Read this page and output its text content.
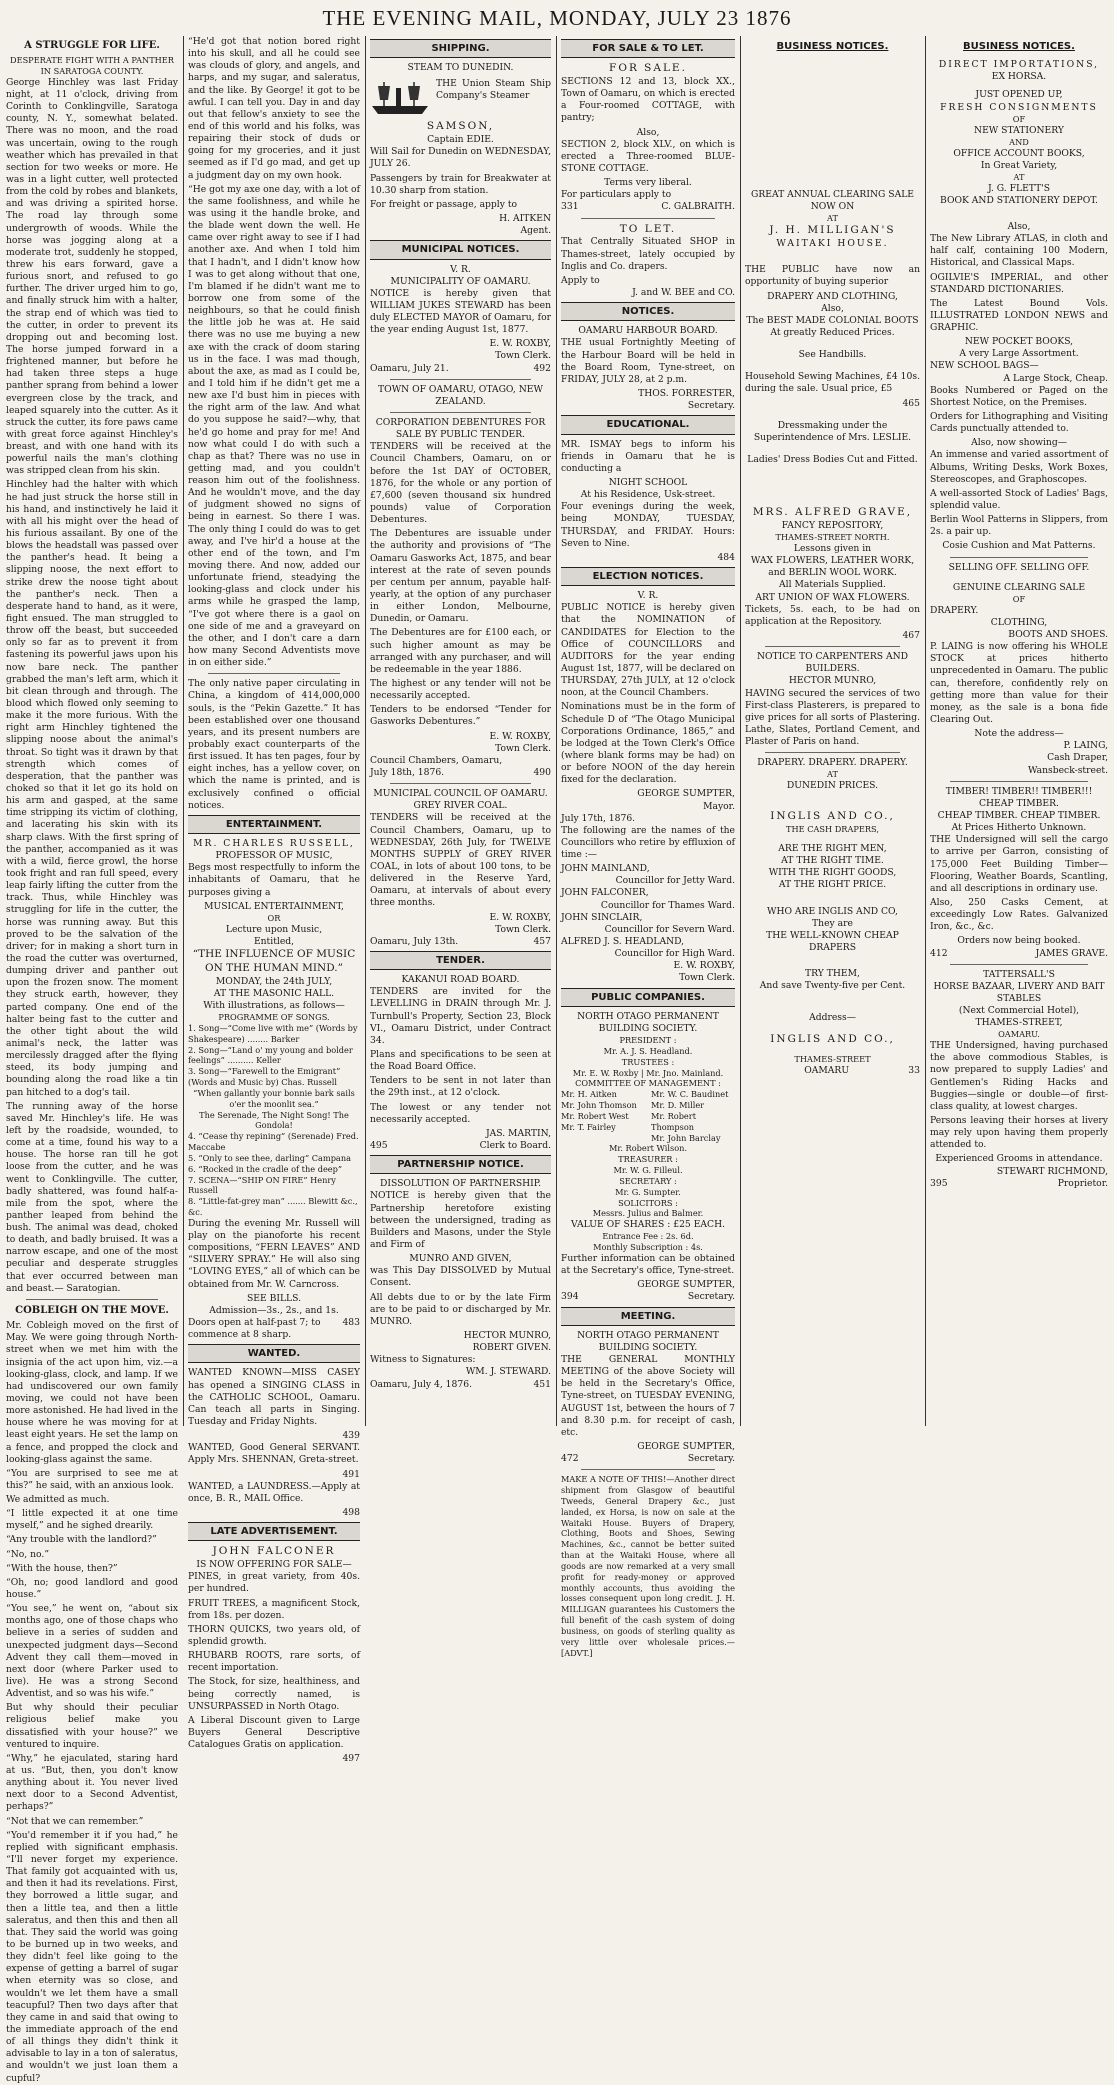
THE EVENING MAIL, MONDAY, JULY 23 1876
A STRUGGLE FOR LIFE.
DESPERATE FIGHT WITH A PANTHER IN SARATOGA COUNTY.

George Hinchley was last Friday night, at 11 o'clock, driving from Corinth to Conklingville, Saratoga county, N. Y., somewhat belated. There was no moon, and the road was uncertain, owing to the rough weather which has prevailed in that section for two weeks or more. He was in a light cutter, well protected from the cold by robes and blankets, and was driving a spirited horse. The road lay through some undergrowth of woods. While the horse was jogging along at a moderate trot, suddenly he stopped, threw his ears forward, gave a furious snort, and refused to go further. The driver urged him to go, and finally struck him with a halter, the strap end of which was tied to the cutter, in order to prevent its dropping out and becoming lost. The horse jumped forward in a frightened manner, but before he had taken three steps a huge panther sprang from behind a lower evergreen close by the track, and leaped squarely into the cutter. As it struck the cutter, its fore paws came with great force against Hinchley's breast, and with one hand with its powerful nails the man's clothing was stripped clean from his skin.

Hinchley had the halter with which he had just struck the horse still in his hand, and instinctively he laid it with all his might over the head of his furious assailant. By one of the blows the headstall was passed over the panther's head. It being a slipping noose, the next effort to strike drew the noose tight about the panther's neck. Then a desperate hand to hand, as it were, fight ensued. The man struggled to throw off the beast, but succeeded only so far as to prevent it from fastening its powerful jaws upon his now bare neck. The panther grabbed the man's left arm, which it bit clean through and through. The blood which flowed only seeming to make it the more furious. With the right arm Hinchley tightened the slipping noose about the animal's throat. So tight was it drawn by that strength which comes of desperation, that the panther was choked so that it let go its hold on his arm and gasped, at the same time stripping its victim of clothing, and lacerating his skin with its sharp claws. With the first spring of the panther, accompanied as it was with a wild, fierce growl, the horse took fright and ran full speed, every leap fairly lifting the cutter from the track. Thus, while Hinchley was struggling for life in the cutter, the horse was running away. But this proved to be the salvation of the driver; for in making a short turn in the road the cutter was overturned, dumping driver and panther out upon the frozen snow. The moment they struck earth, however, they parted company. One end of the halter being fast to the cutter and the other tight about the wild animal's neck, the latter was mercilessly dragged after the flying steed, its body jumping and bounding along the road like a tin pan hitched to a dog's tail.

The running away of the horse saved Mr. Hinchley's life. He was left by the roadside, wounded, to come at a time, found his way to a house. The horse ran till he got loose from the cutter, and he was went to Conklingville. The cutter, badly shattered, was found half-a-mile from the spot, where the panther leaped from behind the bush. The animal was dead, choked to death, and badly bruised. It was a narrow escape, and one of the most peculiar and desperate struggles that ever occurred between man and beast.— Saratogian.

COBLEIGH ON THE MOVE.

Mr. Cobleigh moved on the first of May. We were going through North-street when we met him with the insignia of the act upon him, viz.—a looking-glass, clock, and lamp. If we had undiscovered our own family moving, we could not have been more astonished. He had lived in the house where he was moving for at least eight years. He set the lamp on a fence, and propped the clock and looking-glass against the same.

“You are surprised to see me at this?” he said, with an anxious look.

We admitted as much.

“I little expected it at one time myself,” and he sighed drearily.

“Any trouble with the landlord?”

“No, no.”

“With the house, then?”

“Oh, no; good landlord and good house.”

“You see,” he went on, “about six months ago, one of those chaps who believe in a series of sudden and unexpected judgment days—Second Advent they call them—moved in next door (where Parker used to live). He was a strong Second Adventist, and so was his wife.”

But why should their peculiar religious belief make you dissatisfied with your house?” we ventured to inquire.

“Why,” he ejaculated, staring hard at us. “But, then, you don't know anything about it. You never lived next door to a Second Adventist, perhaps?”

“Not that we can remember.”

“You'd remember it if you had,” he replied with significant emphasis. “I'll never forget my experience. That family got acquainted with us, and then it had its revelations. First, they borrowed a little sugar, and then a little tea, and then a little saleratus, and then this and then all that. They said the world was going to be burned up in two weeks, and they didn't feel like going to the expense of getting a barrel of sugar when eternity was so close, and wouldn't we let them have a small teacupful? Then two days after that they came in and said that owing to the immediate approach of the end of all things they didn't think it advisable to lay in a ton of saleratus, and wouldn't we just loan them a cupful?

“He'd got that notion bored right into his skull, and all he could see was clouds of glory, and angels, and harps, and my sugar, and saleratus, and the like. By George! it got to be awful. I can tell you. Day in and day out that fellow's anxiety to see the end of this world and his folks, was repairing their stock of duds or going for my groceries, and it just seemed as if I'd go mad, and get up a judgment day on my own hook.

“He got my axe one day, with a lot of the same foolishness, and while he was using it the handle broke, and the blade went down the well. He came over right away to see if I had another axe. And when I told him that I hadn't, and I didn't know how I was to get along without that one, I'm blamed if he didn't want me to borrow one from some of the neighbours, so that he could finish the little job he was at. He said there was no use me buying a new axe with the crack of doom staring us in the face. I was mad though, about the axe, as mad as I could be, and I told him if he didn't get me a new axe I'd bust him in pieces with the right arm of the law. And what do you suppose he said?—why, that he'd go home and pray for me! And now what could I do with such a chap as that? There was no use in getting mad, and you couldn't reason him out of the foolishness. And he wouldn't move, and the day of judgment showed no signs of being in earnest. So there I was. The only thing I could do was to get away, and I've hir'd a house at the other end of the town, and I'm moving there. And now, added our unfortunate friend, steadying the looking-glass and clock under his arms while he grasped the lamp, “I've got where there is a gaol on one side of me and a graveyard on the other, and I don't care a darn how many Second Adventists move in on either side.”

The only native paper circulating in China, a kingdom of 414,000,000 souls, is the “Pekin Gazette.” It has been established over one thousand years, and its present numbers are probably exact counterparts of the first issued. It has ten pages, four by eight inches, has a yellow cover, on which the name is printed, and is exclusively confined o official notices.

ENTERTAINMENT.
MR. CHARLES RUSSELL,
PROFESSOR OF MUSIC,

Begs most respectfully to inform the inhabitants of Oamaru, that he purposes giving a

MUSICAL ENTERTAINMENT,
OR
Lecture upon Music,
Entitled,
“THE INFLUENCE OF MUSIC ON THE HUMAN MIND.”
MONDAY, the 24th JULY,
AT THE MASONIC HALL.
With illustrations, as follows—
PROGRAMME OF SONGS.
1. Song—“Come live with me” (Words by Shakespeare) ........ Barker
2. Song—“Land o' my young and bolder feelings” .......... Keller
3. Song—“Farewell to the Emigrant” (Words and Music by) Chas. Russell
“When gallantly your bonnie bark sails o'er the moonlit sea.”
The Serenade, The Night Song! The Gondola!
4. “Cease thy repining” (Serenade) Fred. Maccabe
5. “Only to see thee, darling” Campana
6. “Rocked in the cradle of the deep”
7. SCENA—“SHIP ON FIRE” Henry Russell
8. “Little-fat-grey man” ....... Blewitt &c., &c.

During the evening Mr. Russell will play on the pianoforte his recent compositions, “FERN LEAVES” AND “SILVERY SPRAY.” He will also sing “LOVING EYES,” all of which can be obtained from Mr. W. Carncross.

SEE BILLS.
Admission—3s., 2s., and 1s.
Doors open at half-past 7; to commence at 8 sharp.
483
WANTED.

WANTED KNOWN—MISS CASEY has opened a SINGING CLASS in the CATHOLIC SCHOOL, Oamaru. Can teach all parts in Singing. Tuesday and Friday Nights.

439

WANTED, Good General SERVANT. Apply Mrs. SHENNAN, Greta-street.

491

WANTED, a LAUNDRESS.—Apply at once, B. R., MAIL Office.

498
LATE ADVERTISEMENT.
JOHN FALCONER
IS NOW OFFERING FOR SALE—

PINES, in great variety, from 40s. per hundred.

FRUIT TREES, a magnificent Stock, from 18s. per dozen.

THORN QUICKS, two years old, of splendid growth.

RHUBARB ROOTS, rare sorts, of recent importation.

The Stock, for size, healthiness, and being correctly named, is UNSURPASSED in North Otago.

A Liberal Discount given to Large Buyers General Descriptive Catalogues Gratis on application.

497
SHIPPING.
STEAM TO DUNEDIN.

THE Union Steam Ship Company's Steamer

SAMSON,
Captain EDIE.

Will Sail for Dunedin on WEDNESDAY, JULY 26.

Passengers by train for Breakwater at 10.30 sharp from station.

For freight or passage, apply to

H. AITKEN
Agent.
MUNICIPAL NOTICES.
V. R.
MUNICIPALITY OF OAMARU.

NOTICE is hereby given that WILLIAM JUKES STEWARD has been duly ELECTED MAYOR of Oamaru, for the year ending August 1st, 1877.

E. W. ROXBY,
Town Clerk.
Oamaru, July 21.	492
TOWN OF OAMARU, OTAGO, NEW ZEALAND.
CORPORATION DEBENTURES FOR SALE BY PUBLIC TENDER.

TENDERS will be received at the Council Chambers, Oamaru, on or before the 1st DAY of OCTOBER, 1876, for the whole or any portion of £7,600 (seven thousand six hundred pounds) value of Corporation Debentures.

The Debentures are issuable under the authority and provisions of “The Oamaru Gasworks Act, 1875, and bear interest at the rate of seven pounds per centum per annum, payable half-yearly, at the option of any purchaser in either London, Melbourne, Dunedin, or Oamaru.

The Debentures are for £100 each, or such higher amount as may be arranged with any purchaser, and will be redeemable in the year 1886.

The highest or any tender will not be necessarily accepted.

Tenders to be endorsed “Tender for Gasworks Debentures.”

E. W. ROXBY,
Town Clerk.
Council Chambers, Oamaru,
July 18th, 1876.	490
MUNICIPAL COUNCIL OF OAMARU.
GREY RIVER COAL.

TENDERS will be received at the Council Chambers, Oamaru, up to WEDNESDAY, 26th July, for TWELVE MONTHS SUPPLY of GREY RIVER COAL, in lots of about 100 tons, to be delivered in the Reserve Yard, Oamaru, at intervals of about every three months.

E. W. ROXBY,
Town Clerk.
Oamaru, July 13th.	457
TENDER.
KAKANUI ROAD BOARD.

TENDERS are invited for the LEVELLING in DRAIN through Mr. J. Turnbull's Property, Section 23, Block VI., Oamaru District, under Contract 34.

Plans and specifications to be seen at the Road Board Office.

Tenders to be sent in not later than the 29th inst., at 12 o'clock.

The lowest or any tender not necessarily accepted.

JAS. MARTIN,
495	Clerk to Board.
PARTNERSHIP NOTICE.
DISSOLUTION OF PARTNERSHIP.

NOTICE is hereby given that the Partnership heretofore existing between the undersigned, trading as Builders and Masons, under the Style and Firm of

MUNRO AND GIVEN,

was This Day DISSOLVED by Mutual Consent.

All debts due to or by the late Firm are to be paid to or discharged by Mr. MUNRO.

HECTOR MUNRO,
ROBERT GIVEN.
Witness to Signatures:
WM. J. STEWARD.
Oamaru, July 4, 1876.	451
FOR SALE & TO LET.
FOR SALE.

SECTIONS 12 and 13, block XX., Town of Oamaru, on which is erected a Four-roomed COTTAGE, with pantry;

Also,

SECTION 2, block XLV., on which is erected a Three-roomed BLUE-STONE COTTAGE.

Terms very liberal.
For particulars apply to
331	C. GALBRAITH.
TO LET.

That Centrally Situated SHOP in Thames-street, lately occupied by Inglis and Co. drapers.

Apply to
J. and W. BEE and CO.
NOTICES.
OAMARU HARBOUR BOARD.

THE usual Fortnightly Meeting of the Harbour Board will be held in the Board Room, Tyne-street, on FRIDAY, JULY 28, at 2 p.m.

THOS. FORRESTER,
Secretary.
EDUCATIONAL.

MR. ISMAY begs to inform his friends in Oamaru that he is conducting a

NIGHT SCHOOL
At his Residence, Usk-street.

Four evenings during the week, being MONDAY, TUESDAY, THURSDAY, and FRIDAY. Hours: Seven to Nine.

484
ELECTION NOTICES.
V. R.

PUBLIC NOTICE is hereby given that the NOMINATION of CANDIDATES for Election to the Office of COUNCILLORS and AUDITORS for the year ending August 1st, 1877, will be declared on THURSDAY, 27th JULY, at 12 o'clock noon, at the Council Chambers.

Nominations must be in the form of Schedule D of “The Otago Municipal Corporations Ordinance, 1865,” and be lodged at the Town Clerk's Office (where blank forms may be had) on or before NOON of the day herein fixed for the declaration.

GEORGE SUMPTER,
Mayor.
July 17th, 1876.

The following are the names of the Councillors who retire by effluxion of time :—

JOHN MAINLAND,
Councillor for Jetty Ward.
JOHN FALCONER,
Councillor for Thames Ward.
JOHN SINCLAIR,
Councillor for Severn Ward.
ALFRED J. S. HEADLAND,
Councillor for High Ward.
E. W. ROXBY,
Town Clerk.
PUBLIC COMPANIES.
NORTH OTAGO PERMANENT BUILDING SOCIETY.
PRESIDENT :
Mr. A. J. S. Headland.
TRUSTEES :
Mr. E. W. Roxby | Mr. Jno. Mainland.
COMMITTEE OF MANAGEMENT :
Mr. H. Aitken
Mr. John Thomson
Mr. Robert West
Mr. T. Fairley
Mr. W. C. Baudinet
Mr. D. Miller
Mr. Robert Thompson
Mr. John Barclay
Mr. Robert Wilson.
TREASURER :
Mr. W. G. Filleul.
SECRETARY :
Mr. G. Sumpter.
SOLICITORS :
Messrs. Julius and Balmer.
VALUE OF SHARES : £25 EACH.
Entrance Fee : 2s. 6d.
Monthly Subscription : 4s.

Further information can be obtained at the Secretary's office, Tyne-street.

GEORGE SUMPTER,
394	Secretary.
MEETING.
NORTH OTAGO PERMANENT BUILDING SOCIETY.

THE GENERAL MONTHLY MEETING of the above Society will be held in the Secretary's Office, Tyne-street, on TUESDAY EVENING, AUGUST 1st, between the hours of 7 and 8.30 p.m. for receipt of cash, etc.

GEORGE SUMPTER,
472	Secretary.

MAKE A NOTE OF THIS!—Another direct shipment from Glasgow of beautiful Tweeds, General Drapery &c., just landed, ex Horsa, is now on sale at the Waitaki House. Buyers of Drapery, Clothing, Boots and Shoes, Sewing Machines, &c., cannot be better suited than at the Waitaki House, where all goods are now remarked at a very small profit for ready-money or approved monthly accounts, thus avoiding the losses consequent upon long credit. J. H. MILLIGAN guarantees his Customers the full benefit of the cash system of doing business, on goods of sterling quality as very little over wholesale prices.—[ADVT.]

BUSINESS NOTICES.
GREAT ANNUAL CLEARING SALE
NOW ON
AT
J. H. MILLIGAN'S
WAITAKI HOUSE.

THE PUBLIC have now an opportunity of buying superior

DRAPERY AND CLOTHING,
Also,
The BEST MADE COLONIAL BOOTS
At greatly Reduced Prices.
See Handbills.

Household Sewing Machines, £4 10s. during the sale. Usual price, £5

465
Dressmaking under the Superintendence of Mrs. LESLIE.
Ladies' Dress Bodies Cut and Fitted.
MRS. ALFRED GRAVE,
FANCY REPOSITORY,
THAMES-STREET NORTH.
Lessons given in
WAX FLOWERS, LEATHER WORK, and BERLIN WOOL WORK.
All Materials Supplied.
ART UNION OF WAX FLOWERS.

Tickets, 5s. each, to be had on application at the Repository.

467
NOTICE TO CARPENTERS AND BUILDERS.
HECTOR MUNRO,

HAVING secured the services of two First-class Plasterers, is prepared to give prices for all sorts of Plastering. Lathe, Slates, Portland Cement, and Plaster of Paris on hand.

DRAPERY. DRAPERY. DRAPERY.
AT
DUNEDIN PRICES.
INGLIS AND CO.,
THE CASH DRAPERS,
ARE THE RIGHT MEN,
AT THE RIGHT TIME.
WITH THE RIGHT GOODS,
AT THE RIGHT PRICE.
WHO ARE INGLIS AND CO,
They are
THE WELL-KNOWN CHEAP DRAPERS
TRY THEM,
And save Twenty-five per Cent.
Address—
INGLIS AND CO.,
THAMES-STREET
OAMARU	33
BUSINESS NOTICES.
DIRECT IMPORTATIONS,
EX HORSA.
JUST OPENED UP,
FRESH CONSIGNMENTS
OF
NEW STATIONERY
AND
OFFICE ACCOUNT BOOKS,
In Great Variety,
AT
J. G. FLETT'S
BOOK AND STATIONERY DEPOT.
Also,

The New Library ATLAS, in cloth and half calf, containing 100 Modern, Historical, and Classical Maps.

OGILVIE'S IMPERIAL, and other STANDARD DICTIONARIES.

The Latest Bound Vols. ILLUSTRATED LONDON NEWS and GRAPHIC.

NEW POCKET BOOKS,
A very Large Assortment.
NEW SCHOOL BAGS—
A Large Stock, Cheap.

Books Numbered or Paged on the Shortest Notice, on the Premises.

Orders for Lithographing and Visiting Cards punctually attended to.

Also, now showing—

An immense and varied assortment of Albums, Writing Desks, Work Boxes, Stereoscopes, and Graphoscopes.

A well-assorted Stock of Ladies' Bags, splendid value.

Berlin Wool Patterns in Slippers, from 2s. a pair up.

Cosie Cushion and Mat Patterns.
SELLING OFF. SELLING OFF.
GENUINE CLEARING SALE
OF
DRAPERY.
CLOTHING,
BOOTS AND SHOES.

P. LAING is now offering his WHOLE STOCK at prices hitherto unprecedented in Oamaru. The public can, therefore, confidently rely on getting more than value for their money, as the sale is a bona fide Clearing Out.

Note the address—
P. LAING,
Cash Draper,
Wansbeck-street.
TIMBER! TIMBER!! TIMBER!!!
CHEAP TIMBER.
CHEAP TIMBER. CHEAP TIMBER.
At Prices Hitherto Unknown.

THE Undersigned will sell the cargo to arrive per Garron, consisting of 175,000 Feet Building Timber—Flooring, Weather Boards, Scantling, and all descriptions in ordinary use.

Also, 250 Casks Cement, at exceedingly Low Rates. Galvanized Iron, &c., &c.

Orders now being booked.
412	JAMES GRAVE.
TATTERSALL'S
HORSE BAZAAR, LIVERY AND BAIT STABLES
(Next Commercial Hotel),
THAMES-STREET,
OAMARU.

THE Undersigned, having purchased the above commodious Stables, is now prepared to supply Ladies' and Gentlemen's Riding Hacks and Buggies—single or double—of first-class quality, at lowest charges.

Persons leaving their horses at livery may rely upon having them properly attended to.

Experienced Grooms in attendance.
STEWART RICHMOND,
395	Proprietor.
